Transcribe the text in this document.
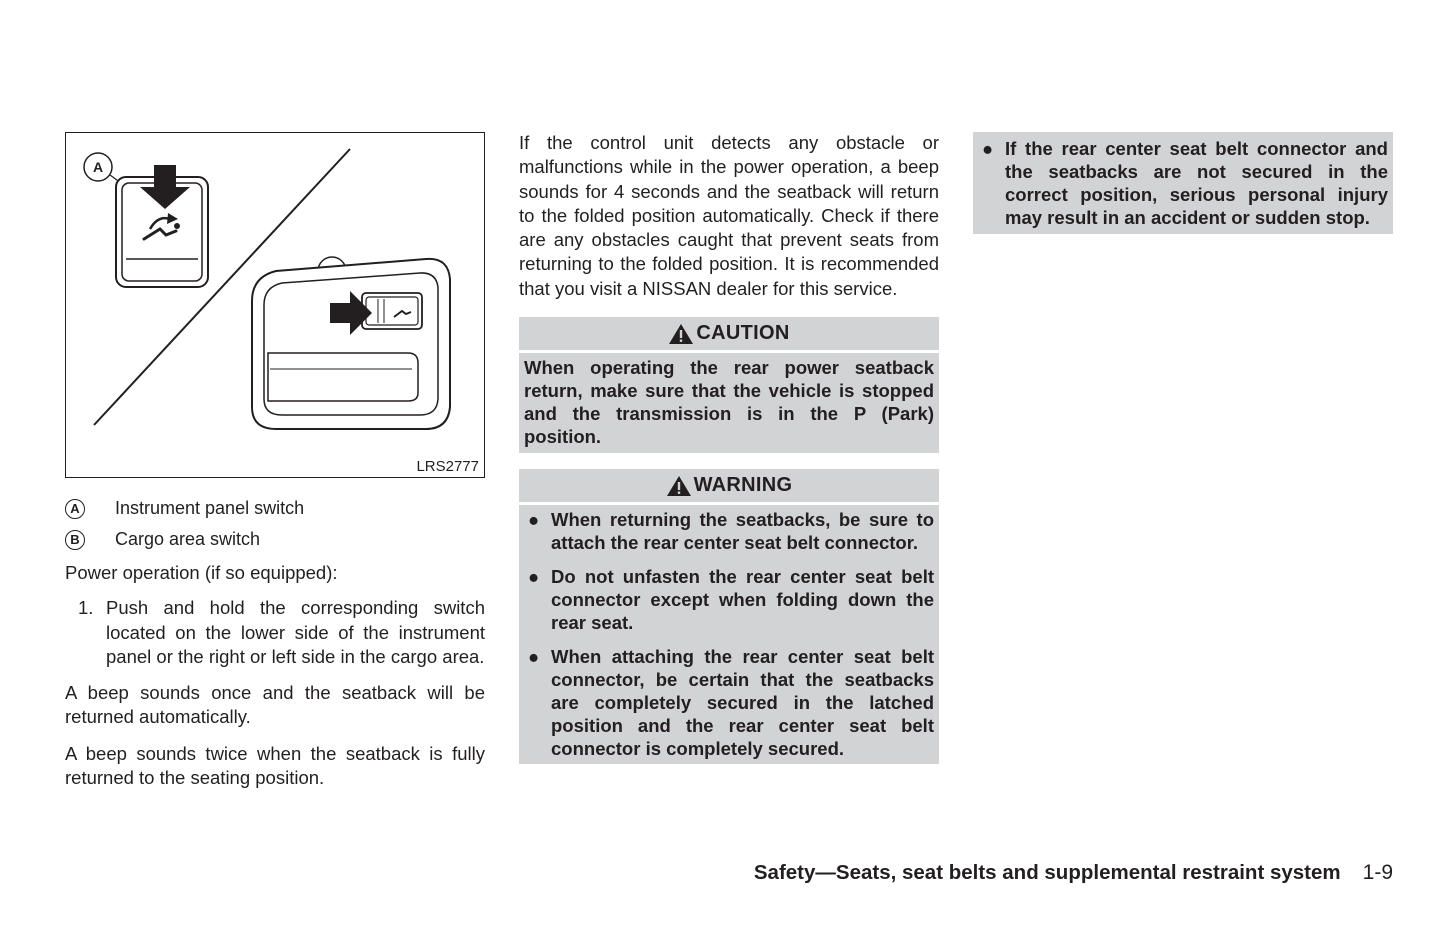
A
LRS2777
A Instrument panel switch
B Cargo area switch

Power operation (if so equipped):

1. Push and hold the corresponding switch located on the lower side of the instrument panel or the right or left side in the cargo area.

A beep sounds once and the seatback will be returned automatically.

A beep sounds twice when the seatback is fully returned to the seating position.

If the control unit detects any obstacle or malfunctions while in the power operation, a beep sounds for 4 seconds and the seatback will return to the folded position automatically. Check if there are any obstacles caught that prevent seats from returning to the folded position. It is recommended that you visit a NISSAN dealer for this service.

CAUTION
When operating the rear power seatback return, make sure that the vehicle is stopped and the transmission is in the P (Park) position.
WARNING
● When returning the seatbacks, be sure to attach the rear center seat belt connector.
● Do not unfasten the rear center seat belt connector except when folding down the rear seat.
● When attaching the rear center seat belt connector, be certain that the seatbacks are completely secured in the latched position and the rear center seat belt connector is completely secured.
● If the rear center seat belt connector and the seatbacks are not secured in the correct position, serious personal injury may result in an accident or sudden stop.
Safety—Seats, seat belts and supplemental restraint system 1-9
